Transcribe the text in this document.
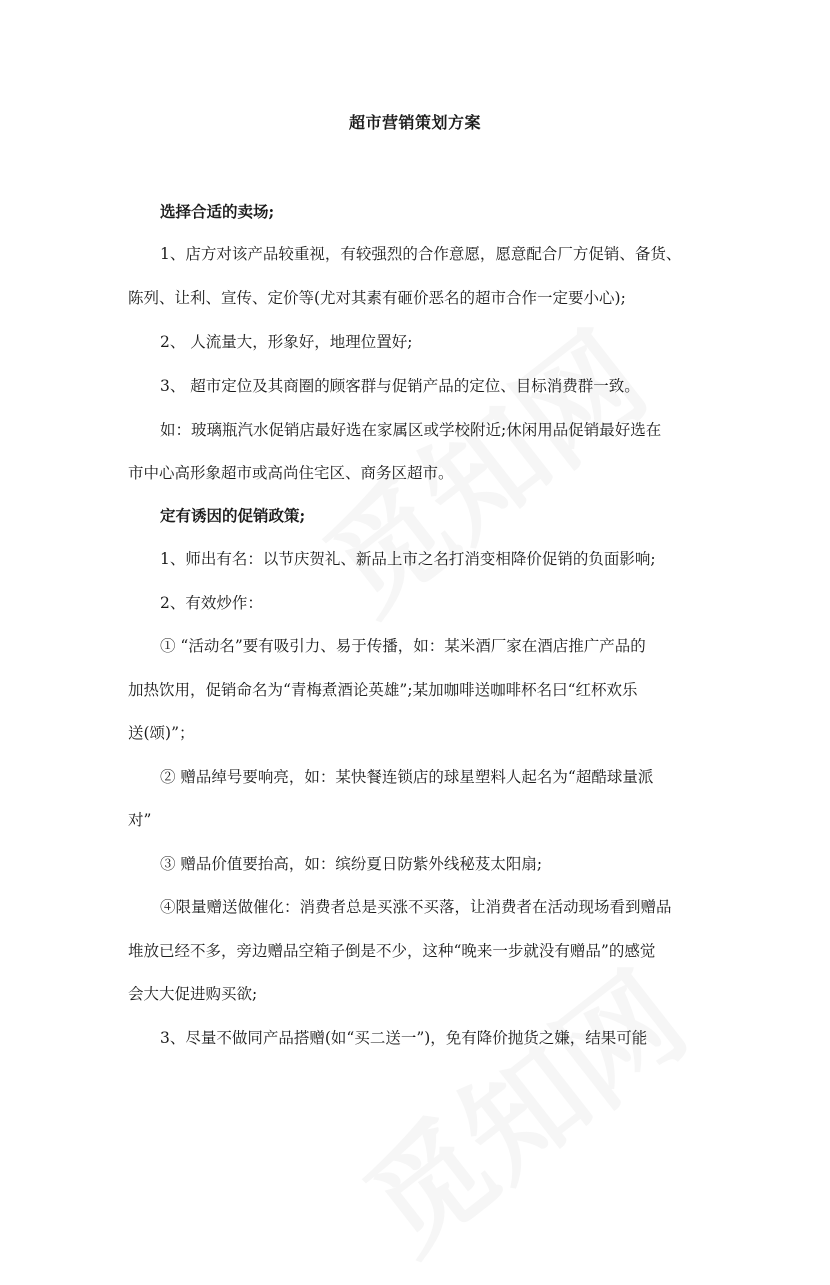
超市营销策划方案
选择合适的卖场;
1、店方对该产品较重视，有较强烈的合作意愿，愿意配合厂方促销、备货、
陈列、让利、宣传、定价等(尤对其素有砸价恶名的超市合作一定要小心);
2、 人流量大，形象好，地理位置好;
3、 超市定位及其商圈的顾客群与促销产品的定位、目标消费群一致。
如：玻璃瓶汽水促销店最好选在家属区或学校附近;休闲用品促销最好选在
市中心高形象超市或高尚住宅区、商务区超市。
定有诱因的促销政策;
1、师出有名：以节庆贺礼、新品上市之名打消变相降价促销的负面影响;
2、有效炒作：
① “活动名”要有吸引力、易于传播，如：某米酒厂家在酒店推广产品的
加热饮用，促销命名为“青梅煮酒论英雄”;某加咖啡送咖啡杯名曰“红杯欢乐
送(颂)”；
② 赠品绰号要响亮，如：某快餐连锁店的球星塑料人起名为“超酷球量派
对”
③ 赠品价值要抬高，如：缤纷夏日防紫外线秘芨太阳扇;
④限量赠送做催化：消费者总是买涨不买落，让消费者在活动现场看到赠品
堆放已经不多，旁边赠品空箱子倒是不少，这种“晚来一步就没有赠品”的感觉
会大大促进购买欲;
3、尽量不做同产品搭赠(如“买二送一”)，免有降价抛货之嫌，结果可能
